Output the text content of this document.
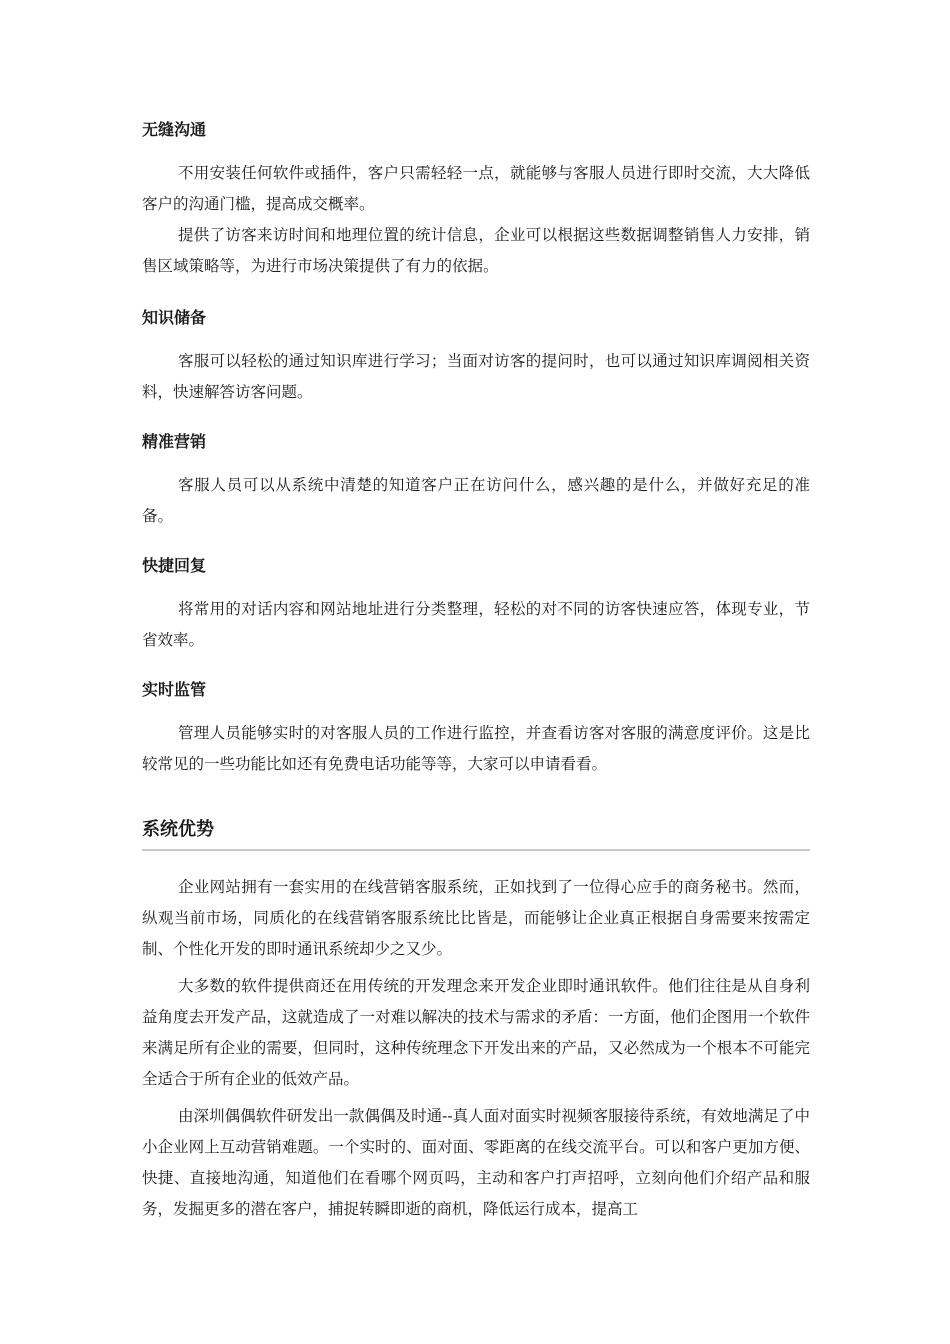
无缝沟通

不用安装任何软件或插件，客户只需轻轻一点，就能够与客服人员进行即时交流，大大降低客户的沟通门槛，提高成交概率。

提供了访客来访时间和地理位置的统计信息，企业可以根据这些数据调整销售人力安排，销售区域策略等，为进行市场决策提供了有力的依据。

知识储备

客服可以轻松的通过知识库进行学习；当面对访客的提问时，也可以通过知识库调阅相关资料，快速解答访客问题。

精准营销

客服人员可以从系统中清楚的知道客户正在访问什么，感兴趣的是什么，并做好充足的准备。

快捷回复

将常用的对话内容和网站地址进行分类整理，轻松的对不同的访客快速应答，体现专业，节省效率。

实时监管

管理人员能够实时的对客服人员的工作进行监控，并查看访客对客服的满意度评价。这是比较常见的一些功能比如还有免费电话功能等等，大家可以申请看看。

系统优势

企业网站拥有一套实用的在线营销客服系统，正如找到了一位得心应手的商务秘书。然而，纵观当前市场，同质化的在线营销客服系统比比皆是，而能够让企业真正根据自身需要来按需定制、个性化开发的即时通讯系统却少之又少。

大多数的软件提供商还在用传统的开发理念来开发企业即时通讯软件。他们往往是从自身利益角度去开发产品，这就造成了一对难以解决的技术与需求的矛盾：一方面，他们企图用一个软件来满足所有企业的需要，但同时，这种传统理念下开发出来的产品，又必然成为一个根本不可能完全适合于所有企业的低效产品。

由深圳偶偶软件研发出一款偶偶及时通--真人面对面实时视频客服接待系统，有效地满足了中小企业网上互动营销难题。一个实时的、面对面、零距离的在线交流平台。可以和客户更加方便、快捷、直接地沟通，知道他们在看哪个网页吗，主动和客户打声招呼，立刻向他们介绍产品和服务，发掘更多的潜在客户，捕捉转瞬即逝的商机，降低运行成本，提高工
